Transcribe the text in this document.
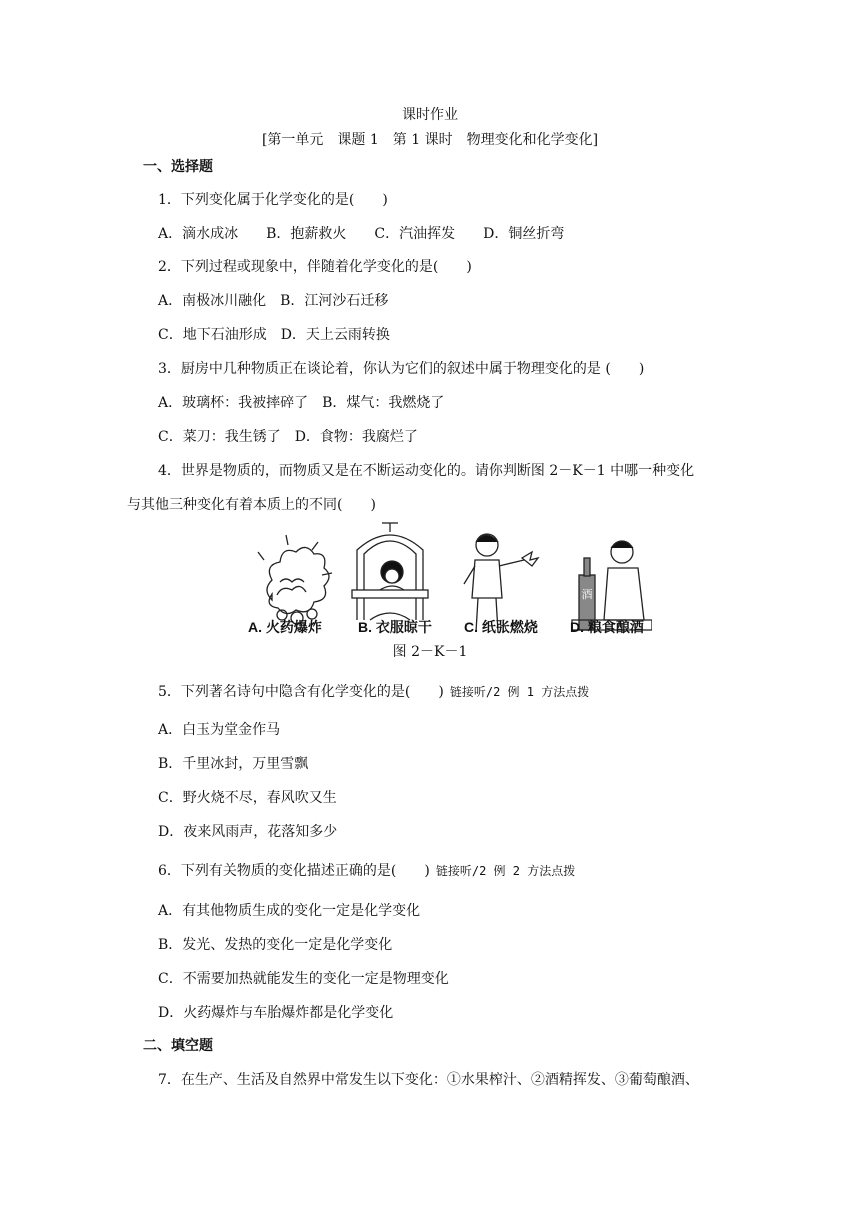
课时作业
[第一单元　课题 1　第 1 课时　物理变化和化学变化]
一、选择题
1．下列变化属于化学变化的是(　　)
A．滴水成冰　　B．抱薪救火　　C．汽油挥发　　D．铜丝折弯
2．下列过程或现象中，伴随着化学变化的是(　　)
A．南极冰川融化　B．江河沙石迁移
C．地下石油形成　D．天上云雨转换
3．厨房中几种物质正在谈论着，你认为它们的叙述中属于物理变化的是 (　　)
A．玻璃杯：我被摔碎了　B．煤气：我燃烧了
C．菜刀：我生锈了　D．食物：我腐烂了
4．世界是物质的，而物质又是在不断运动变化的。请你判断图 2－K－1 中哪一种变化
与其他三种变化有着本质上的不同(　　)
酒
A. 火药爆炸	B. 衣服晾干	C. 纸张燃烧	D. 粮食酿酒
图 2－K－1
5．下列著名诗句中隐含有化学变化的是(　　) 链接听/2 例 1 方法点拨
A．白玉为堂金作马
B．千里冰封，万里雪飘
C．野火烧不尽，春风吹又生
D．夜来风雨声，花落知多少
6．下列有关物质的变化描述正确的是(　　) 链接听/2 例 2 方法点拨
A．有其他物质生成的变化一定是化学变化
B．发光、发热的变化一定是化学变化
C．不需要加热就能发生的变化一定是物理变化
D．火药爆炸与车胎爆炸都是化学变化
二、填空题
7．在生产、生活及自然界中常发生以下变化：①水果榨汁、②酒精挥发、③葡萄酿酒、
